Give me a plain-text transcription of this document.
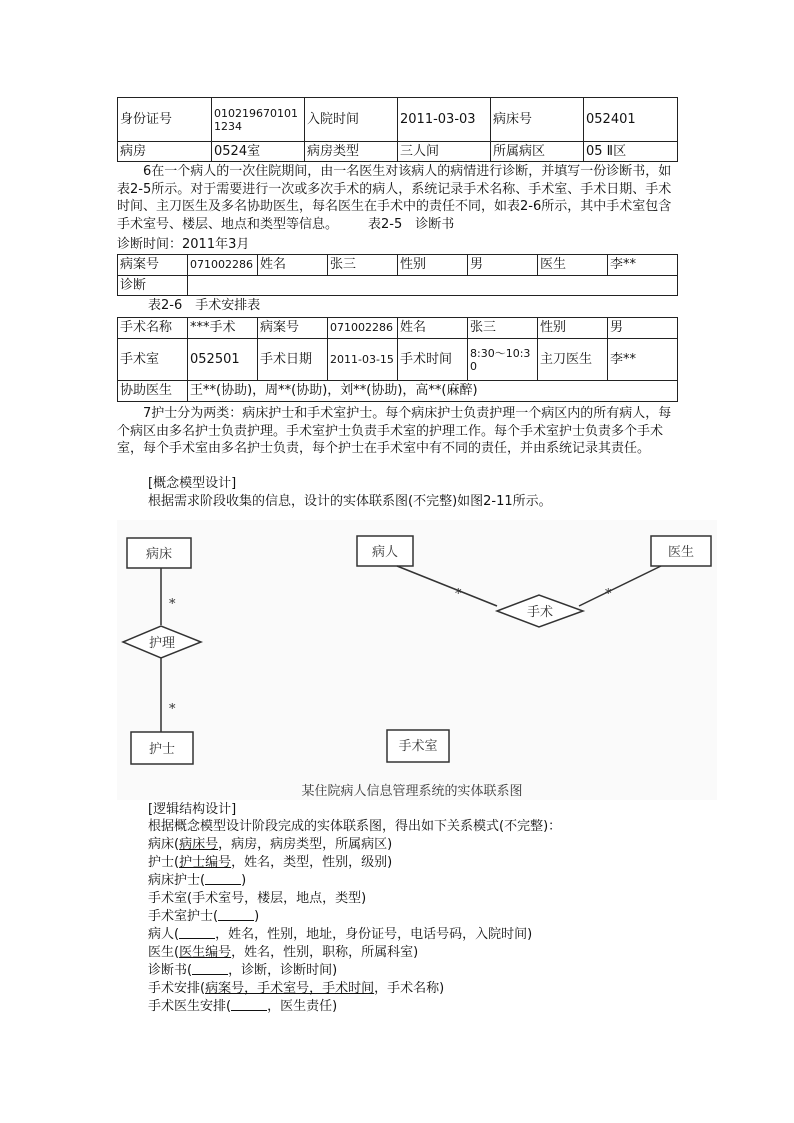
身份证号	0102196701011234	入院时间	2011-03-03	病床号	052401
病房	0524室	病房类型	三人间	所属病区	05 Ⅱ区
6在一个病人的一次住院期间，由一名医生对该病人的病情进行诊断，并填写一份诊断书，如表2-5所示。对于需要进行一次或多次手术的病人，系统记录手术名称、手术室、手术日期、手术时间、主刀医生及多名协助医生，每名医生在手术中的责任不同，如表2-6所示，其中手术室包含手术室号、楼层、地点和类型等信息。 表2-5　诊断书
诊断时间：2011年3月
病案号	071002286	姓名	张三	性别	男	医生	李**
诊断							
表2-6　手术安排表
手术名称	***手术	病案号	071002286	姓名	张三	性别	男
手术室	052501	手术日期	2011-03-15	手术时间	8:30～10:30	主刀医生	李**
协助医生	王**(协助)，周**(协助)，刘**(协助)，高**(麻醉)						
7护士分为两类：病床护士和手术室护士。每个病床护士负责护理一个病区内的所有病人，每个病区由多名护士负责护理。手术室护士负责手术室的护理工作。每个手术室护士负责多个手术室，每个手术室由多名护士负责，每个护士在手术室中有不同的责任，并由系统记录其责任。
[概念模型设计]
根据需求阶段收集的信息，设计的实体联系图(不完整)如图2-11所示。
病床
护理
护士
病人	医生
手术
手术室
*
*
*	*
某住院病人信息管理系统的实体联系图
[逻辑结构设计]
根据概念模型设计阶段完成的实体联系图，得出如下关系模式(不完整)：
病床(病床号，病房，病房类型，所属病区)
护士(护士编号，姓名，类型，性别，级别)
病床护士(	)
手术室(手术室号，楼层，地点，类型)
手术室护士(	)
病人(	，姓名，性别，地址，身份证号，电话号码，入院时间)
医生(医生编号，姓名，性别，职称，所属科室)
诊断书(	，诊断，诊断时间)
手术安排(病案号，手术室号，手术时间，手术名称)
手术医生安排(	，医生责任)
